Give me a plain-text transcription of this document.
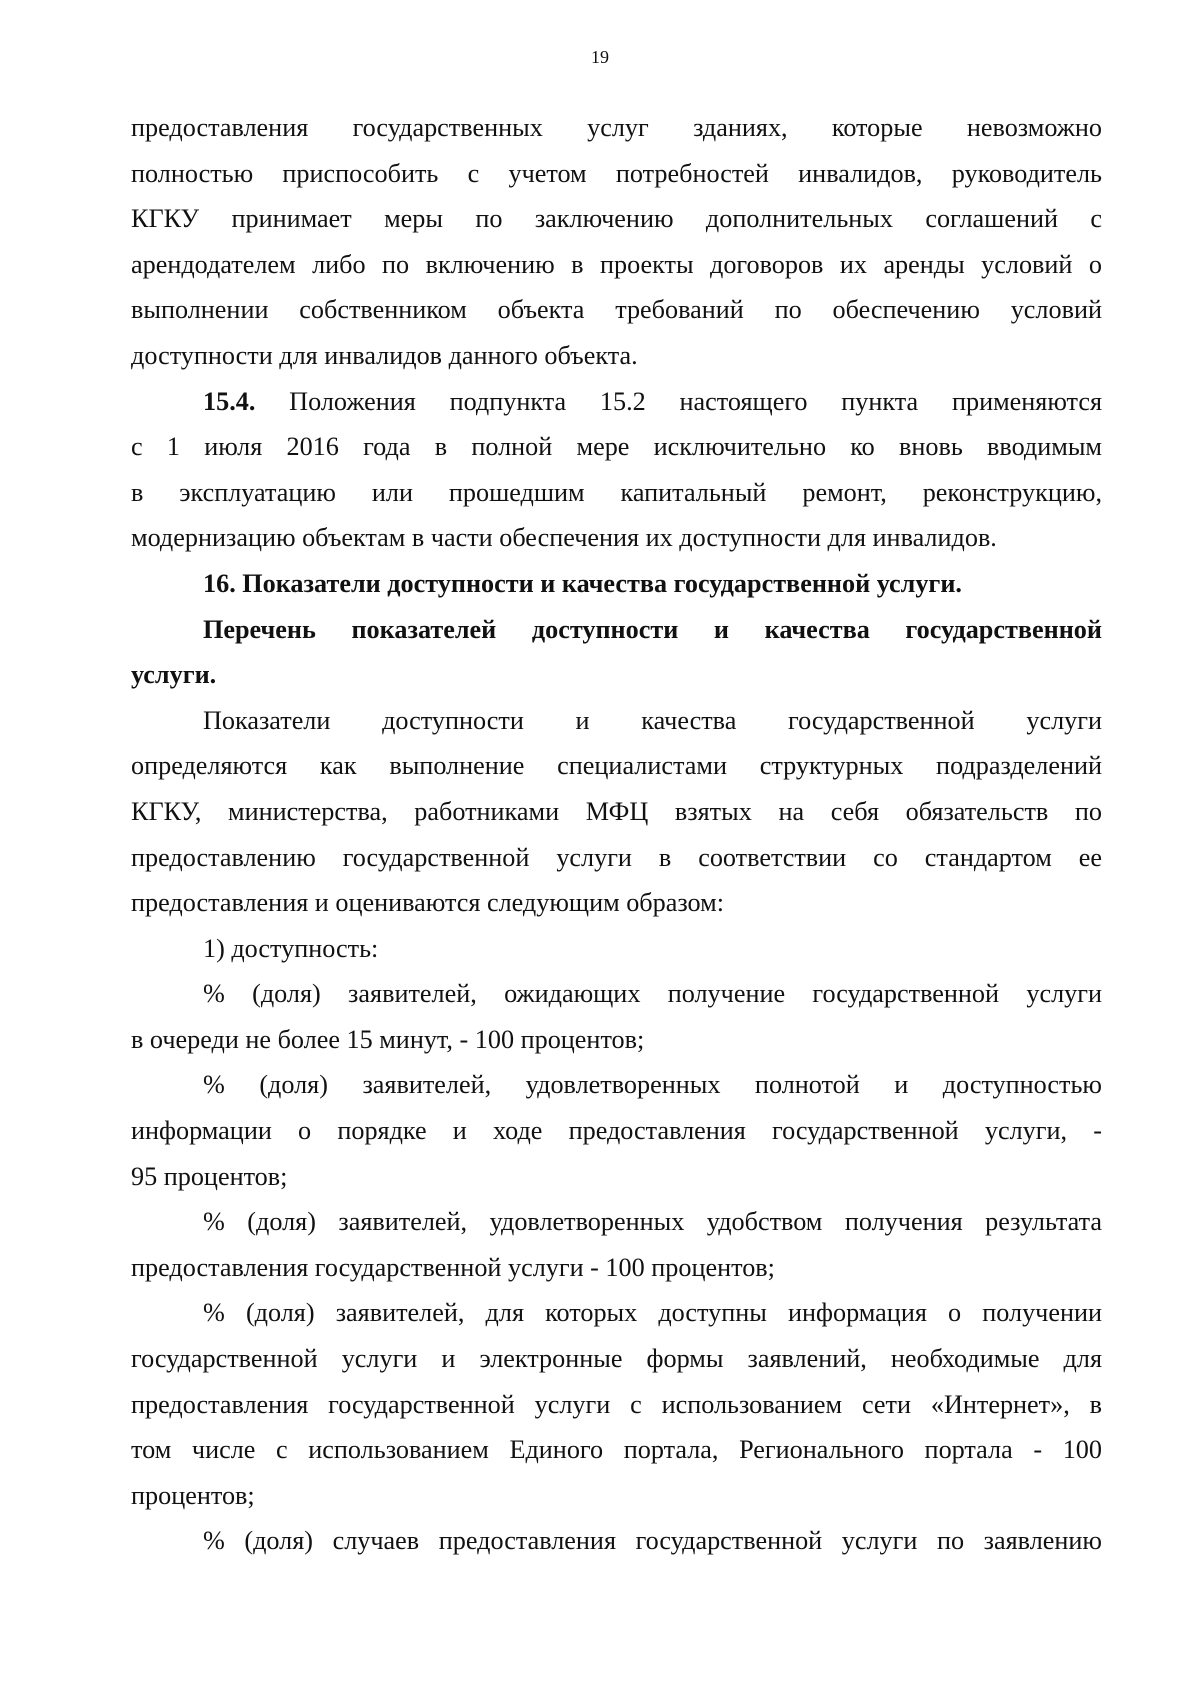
19
предоставления государственных услуг зданиях, которые невозможно
полностью приспособить с учетом потребностей инвалидов, руководитель
КГКУ принимает меры по заключению дополнительных соглашений с
арендодателем либо по включению в проекты договоров их аренды условий о
выполнении собственником объекта требований по обеспечению условий
доступности для инвалидов данного объекта.
15.4. Положения подпункта 15.2 настоящего пункта применяются
с 1 июля 2016 года в полной мере исключительно ко вновь вводимым
в эксплуатацию или прошедшим капитальный ремонт, реконструкцию,
модернизацию объектам в части обеспечения их доступности для инвалидов.
16. Показатели доступности и качества государственной услуги.
Перечень показателей доступности и качества государственной
услуги.
Показатели доступности и качества государственной услуги
определяются как выполнение специалистами структурных подразделений
КГКУ, министерства, работниками МФЦ взятых на себя обязательств по
предоставлению государственной услуги в соответствии со стандартом ее
предоставления и оцениваются следующим образом:
1) доступность:
% (доля) заявителей, ожидающих получение государственной услуги
в очереди не более 15 минут, - 100 процентов;
% (доля) заявителей, удовлетворенных полнотой и доступностью
информации о порядке и ходе предоставления государственной услуги, -
95 процентов;
% (доля) заявителей, удовлетворенных удобством получения результата
предоставления государственной услуги - 100 процентов;
% (доля) заявителей, для которых доступны информация о получении
государственной услуги и электронные формы заявлений, необходимые для
предоставления государственной услуги с использованием сети «Интернет», в
том числе с использованием Единого портала, Регионального портала - 100
процентов;
% (доля) случаев предоставления государственной услуги по заявлению
